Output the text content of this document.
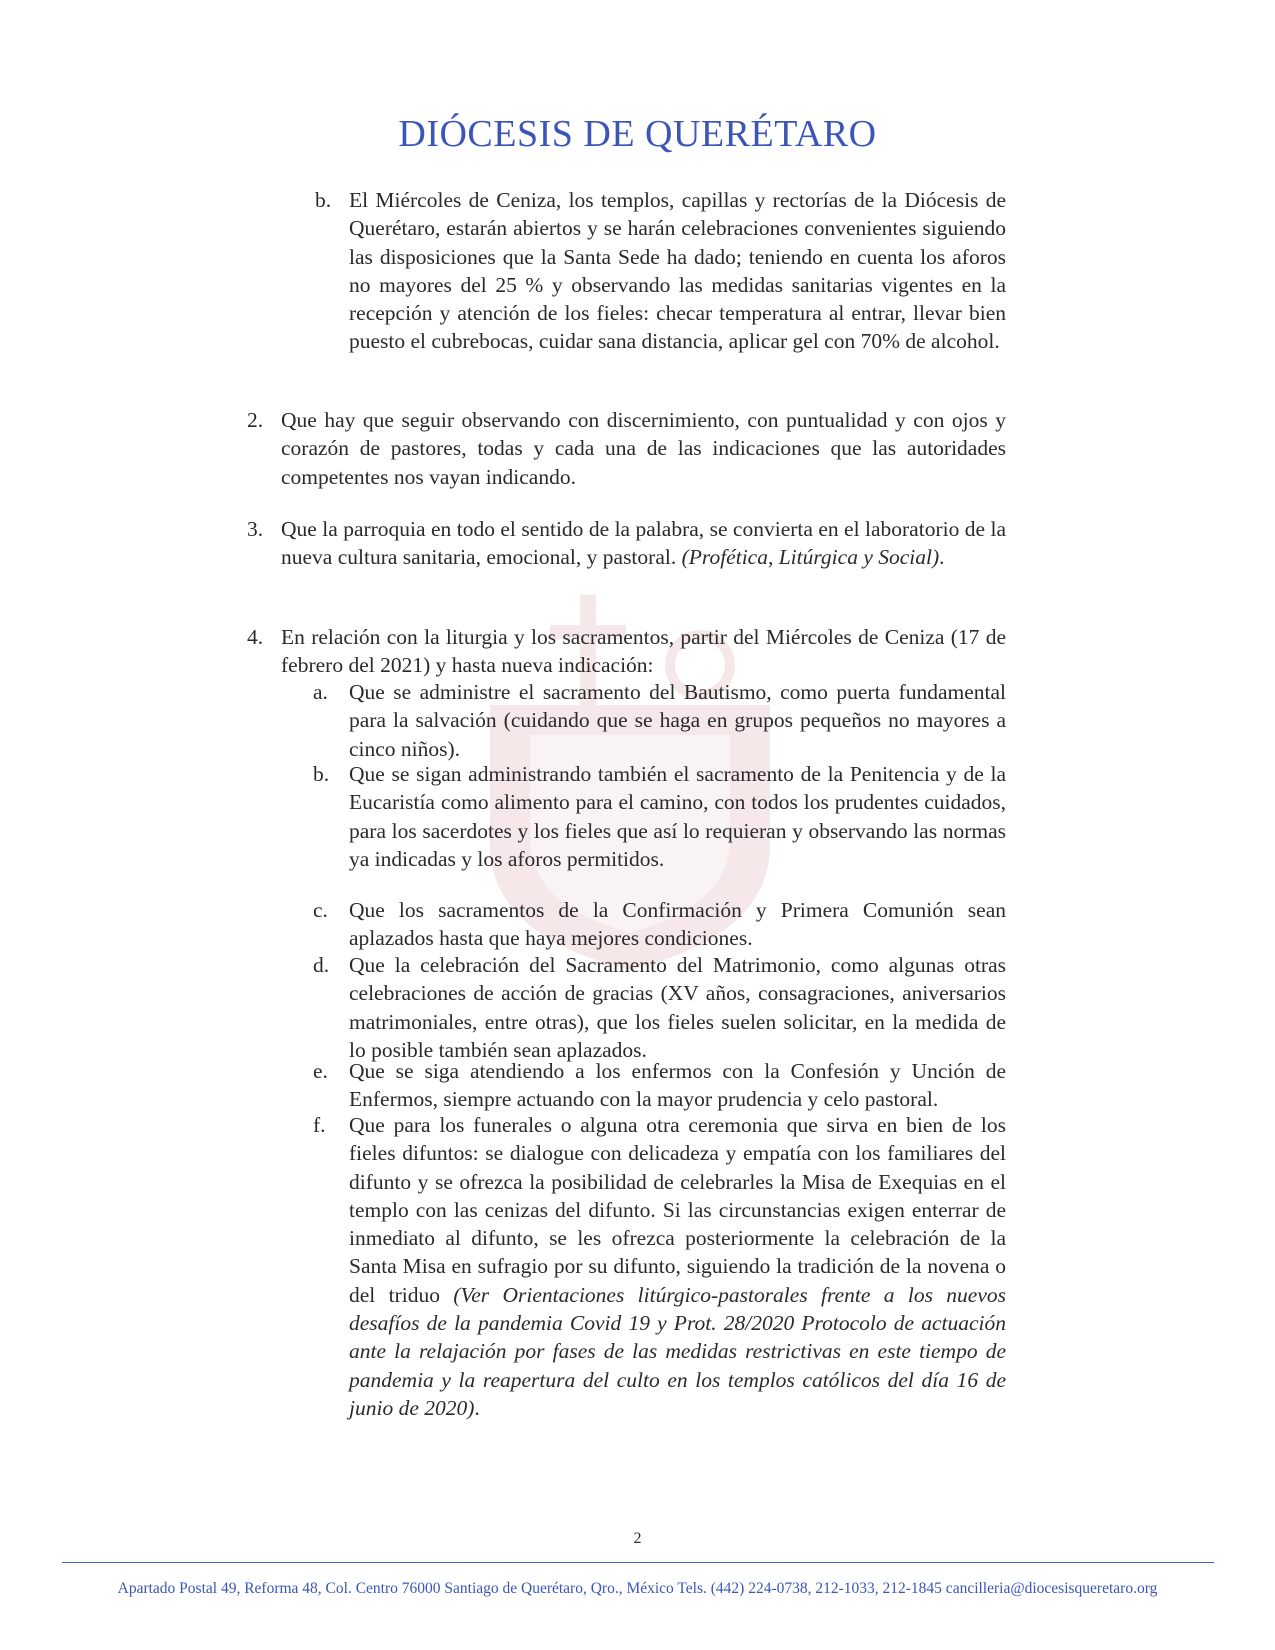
DIÓCESIS DE QUERÉTARO
b. El Miércoles de Ceniza, los templos, capillas y rectorías de la Diócesis de Querétaro, estarán abiertos y se harán celebraciones convenientes siguiendo las disposiciones que la Santa Sede ha dado; teniendo en cuenta los aforos no mayores del 25 % y observando las medidas sanitarias vigentes en la recepción y atención de los fieles: checar temperatura al entrar, llevar bien puesto el cubrebocas, cuidar sana distancia, aplicar gel con 70% de alcohol.

2. Que hay que seguir observando con discernimiento, con puntualidad y con ojos y corazón de pastores, todas y cada una de las indicaciones que las autoridades competentes nos vayan indicando.

3. Que la parroquia en todo el sentido de la palabra, se convierta en el laboratorio de la nueva cultura sanitaria, emocional, y pastoral. (Profética, Litúrgica y Social).

4. En relación con la liturgia y los sacramentos, partir del Miércoles de Ceniza (17 de febrero del 2021) y hasta nueva indicación:

a. Que se administre el sacramento del Bautismo, como puerta fundamental para la salvación (cuidando que se haga en grupos pequeños no mayores a cinco niños).

b. Que se sigan administrando también el sacramento de la Penitencia y de la Eucaristía como alimento para el camino, con todos los prudentes cuidados, para los sacerdotes y los fieles que así lo requieran y observando las normas ya indicadas y los aforos permitidos.

c. Que los sacramentos de la Confirmación y Primera Comunión sean aplazados hasta que haya mejores condiciones.

d. Que la celebración del Sacramento del Matrimonio, como algunas otras celebraciones de acción de gracias (XV años, consagraciones, aniversarios matrimoniales, entre otras), que los fieles suelen solicitar, en la medida de lo posible también sean aplazados.

e. Que se siga atendiendo a los enfermos con la Confesión y Unción de Enfermos, siempre actuando con la mayor prudencia y celo pastoral.

f. Que para los funerales o alguna otra ceremonia que sirva en bien de los fieles difuntos: se dialogue con delicadeza y empatía con los familiares del difunto y se ofrezca la posibilidad de celebrarles la Misa de Exequias en el templo con las cenizas del difunto. Si las circunstancias exigen enterrar de inmediato al difunto, se les ofrezca posteriormente la celebración de la Santa Misa en sufragio por su difunto, siguiendo la tradición de la novena o del triduo (Ver Orientaciones litúrgico-pastorales frente a los nuevos desafíos de la pandemia Covid 19 y Prot. 28/2020 Protocolo de actuación ante la relajación por fases de las medidas restrictivas en este tiempo de pandemia y la reapertura del culto en los templos católicos del día 16 de junio de 2020).

2
Apartado Postal 49, Reforma 48, Col. Centro 76000 Santiago de Querétaro, Qro., México Tels. (442) 224-0738, 212-1033, 212-1845 cancilleria@diocesisqueretaro.org
